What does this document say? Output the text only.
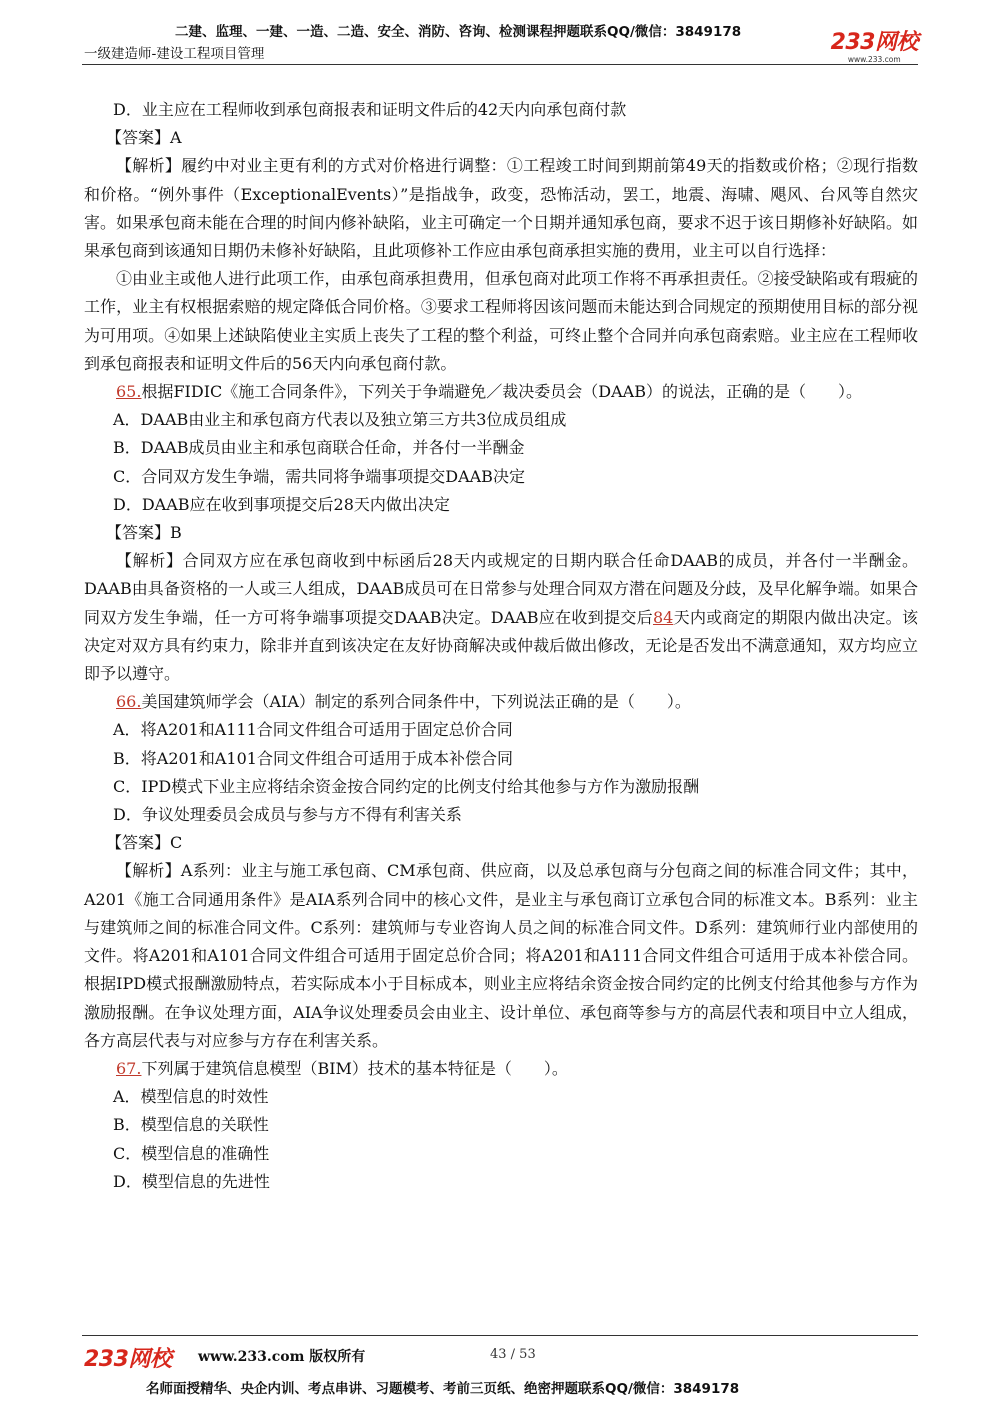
二建、监理、一建、一造、二造、安全、消防、咨询、检测课程押题联系QQ/微信：3849178
一级建造师-建设工程项目管理	233网校
www.233.com
D．业主应在工程师收到承包商报表和证明文件后的42天内向承包商付款
【答案】A
【解析】履约中对业主更有利的方式对价格进行调整：①工程竣工时间到期前第49天的指数或价格；②现行指数和价格。“例外事件（ExceptionalEvents）”是指战争，政变，恐怖活动，罢工，地震、海啸、飓风、台风等自然灾害。如果承包商未能在合理的时间内修补缺陷，业主可确定一个日期并通知承包商，要求不迟于该日期修补好缺陷。如果承包商到该通知日期仍未修补好缺陷，且此项修补工作应由承包商承担实施的费用，业主可以自行选择：
①由业主或他人进行此项工作，由承包商承担费用，但承包商对此项工作将不再承担责任。②接受缺陷或有瑕疵的工作，业主有权根据索赔的规定降低合同价格。③要求工程师将因该问题而未能达到合同规定的预期使用目标的部分视为可用项。④如果上述缺陷使业主实质上丧失了工程的整个利益，可终止整个合同并向承包商索赔。业主应在工程师收到承包商报表和证明文件后的56天内向承包商付款。
65.根据FIDIC《施工合同条件》，下列关于争端避免／裁决委员会（DAAB）的说法，正确的是（　　）。
A．DAAB由业主和承包商方代表以及独立第三方共3位成员组成
B．DAAB成员由业主和承包商联合任命，并各付一半酬金
C．合同双方发生争端，需共同将争端事项提交DAAB决定
D．DAAB应在收到事项提交后28天内做出决定
【答案】B
【解析】合同双方应在承包商收到中标函后28天内或规定的日期内联合任命DAAB的成员，并各付一半酬金。DAAB由具备资格的一人或三人组成，DAAB成员可在日常参与处理合同双方潜在问题及分歧，及早化解争端。如果合同双方发生争端，任一方可将争端事项提交DAAB决定。DAAB应在收到提交后84天内或商定的期限内做出决定。该决定对双方具有约束力，除非并直到该决定在友好协商解决或仲裁后做出修改，无论是否发出不满意通知，双方均应立即予以遵守。
66.美国建筑师学会（AIA）制定的系列合同条件中，下列说法正确的是（　　）。
A．将A201和A111合同文件组合可适用于固定总价合同
B．将A201和A101合同文件组合可适用于成本补偿合同
C．IPD模式下业主应将结余资金按合同约定的比例支付给其他参与方作为激励报酬
D．争议处理委员会成员与参与方不得有利害关系
【答案】C
【解析】A系列：业主与施工承包商、CM承包商、供应商，以及总承包商与分包商之间的标准合同文件；其中，A201《施工合同通用条件》是AIA系列合同中的核心文件，是业主与承包商订立承包合同的标准文本。B系列：业主与建筑师之间的标准合同文件。C系列：建筑师与专业咨询人员之间的标准合同文件。D系列：建筑师行业内部使用的文件。将A201和A101合同文件组合可适用于固定总价合同；将A201和A111合同文件组合可适用于成本补偿合同。根据IPD模式报酬激励特点，若实际成本小于目标成本，则业主应将结余资金按合同约定的比例支付给其他参与方作为激励报酬。在争议处理方面，AIA争议处理委员会由业主、设计单位、承包商等参与方的高层代表和项目中立人组成，各方高层代表与对应参与方存在利害关系。
67.下列属于建筑信息模型（BIM）技术的基本特征是（　　）。
A．模型信息的时效性
B．模型信息的关联性
C．模型信息的准确性
D．模型信息的先进性
233网校 www.233.com 版权所有	43 / 53
名师面授精华、央企内训、考点串讲、习题模考、考前三页纸、绝密押题联系QQ/微信：3849178
